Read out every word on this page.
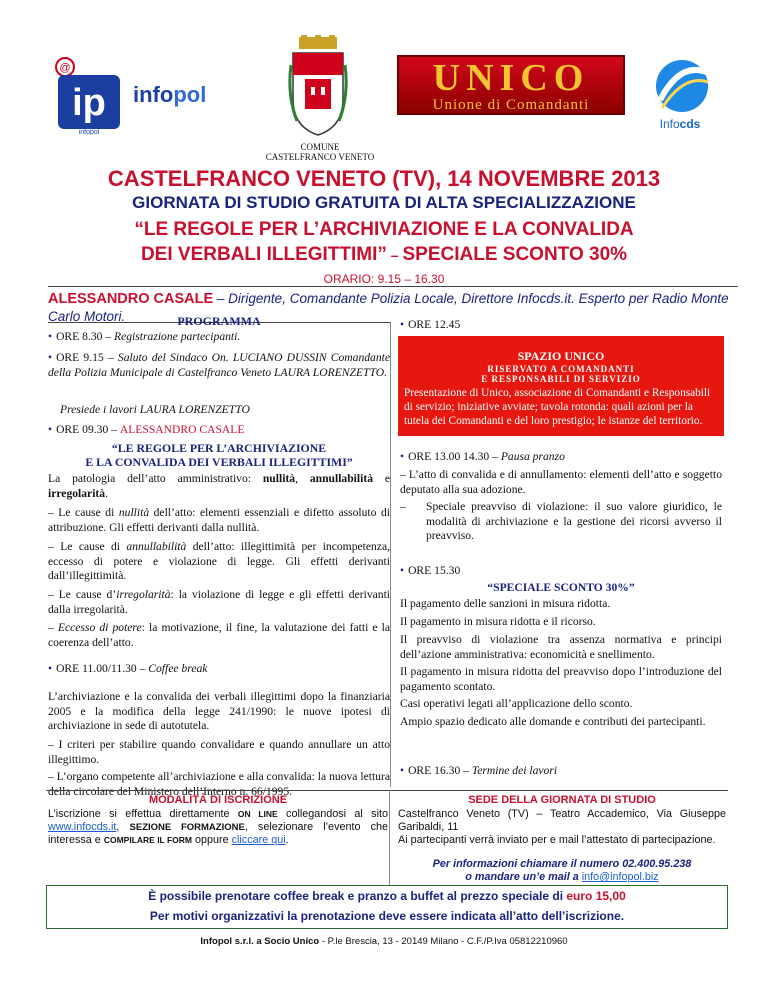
@
ip
infopol
infopol
COMUNE
CASTELFRANCO VENETO
UNICO
Unione di Comandanti
Infocds
CASTELFRANCO VENETO (TV), 14 NOVEMBRE 2013
GIORNATA DI STUDIO GRATUITA DI ALTA SPECIALIZZAZIONE
“LE REGOLE PER L’ARCHIVIAZIONE E LA CONVALIDA
DEI VERBALI ILLEGITTIMI” – SPECIALE SCONTO 30%
ORARIO: 9.15 – 16.30
ALESSANDRO CASALE – Dirigente, Comandante Polizia Locale, Direttore Infocds.it. Esperto per Radio Monte Carlo Motori.	PROGRAMMA
• ORE 8.30 – Registrazione partecipanti.
• ORE 9.15 – Saluto del Sindaco On. LUCIANO DUSSIN Comandante della Polizia Municipale di Castelfranco Veneto LAURA LORENZETTO.
Presiede i lavori LAURA LORENZETTO
• ORE 09.30 – ALESSANDRO CASALE
“LE REGOLE PER L’ARCHIVIAZIONE
E LA CONVALIDA DEI VERBALI ILLEGITTIMI”
La patologia dell’atto amministrativo: nullità, annullabilità e irregolarità.
– Le cause di nullità dell’atto: elementi essenziali e difetto assoluto di attribuzione. Gli effetti derivanti dalla nullità.
– Le cause di annullabilità dell’atto: illegittimità per incompetenza, eccesso di potere e violazione di legge. Gli effetti derivanti dall’illegittimità.
– Le cause d’irregolarità: la violazione di legge e gli effetti derivanti dalla irregolarità.
– Eccesso di potere: la motivazione, il fine, la valutazione dei fatti e la coerenza dell’atto.
• ORE 11.00/11.30 – Coffee break
L’archiviazione e la convalida dei verbali illegittimi dopo la finanziaria 2005 e la modifica della legge 241/1990: le nuove ipotesi di archiviazione in sede di autotutela.
– I criteri per stabilire quando convalidare e quando annullare un atto illegittimo.
– L’organo competente all’archiviazione e alla convalida: la nuova lettura della circolare del Ministero dell’Interno n. 66/1995.
• ORE 12.45
SPAZIO UNICO
RISERVATO A COMANDANTI
E RESPONSABILI DI SERVIZIO
Presentazione di Unico, associazione di Comandanti e Responsabili di servizio; iniziative avviate; tavola rotonda: quali azioni per la tutela dei Comandanti e del loro prestigio; le istanze del territorio.
• ORE 13.00 14.30 – Pausa pranzo
– L’atto di convalida e di annullamento: elementi dell’atto e soggetto deputato alla sua adozione.
– Speciale preavviso di violazione: il suo valore giuridico, le modalità di archiviazione e la gestione dei ricorsi avverso il preavviso.
• ORE 15.30
“SPECIALE SCONTO 30%”
Il pagamento delle sanzioni in misura ridotta.
Il pagamento in misura ridotta e il ricorso.
Il preavviso di violazione tra assenza normativa e principi dell’azione amministrativa: economicità e snellimento.
Il pagamento in misura ridotta del preavviso dopo l’introduzione del pagamento scontato.
Casi operativi legati all’applicazione dello sconto.
Ampio spazio dedicato alle domande e contributi dei partecipanti.
• ORE 16.30 – Termine dei lavori
MODALITÀ DI ISCRIZIONE
L’iscrizione si effettua direttamente ON LINE collegandosi al sito www.infocds.it, SEZIONE FORMAZIONE, selezionare l’evento che interessa e COMPILARE IL FORM oppure cliccare qui.
SEDE DELLA GIORNATA DI STUDIO
Castelfranco Veneto (TV) – Teatro Accademico, Via Giuseppe Garibaldi, 11
Ai partecipanti verrà inviato per e mail l’attestato di partecipazione.
Per informazioni chiamare il numero 02.400.95.238
o mandare un’e mail a info@infopol.biz
È possibile prenotare coffee break e pranzo a buffet al prezzo speciale di euro 15,00
Per motivi organizzativi la prenotazione deve essere indicata all’atto dell’iscrizione.
Infopol s.r.l. a Socio Unico - P.le Brescia, 13 - 20149 Milano - C.F./P.Iva 05812210960
